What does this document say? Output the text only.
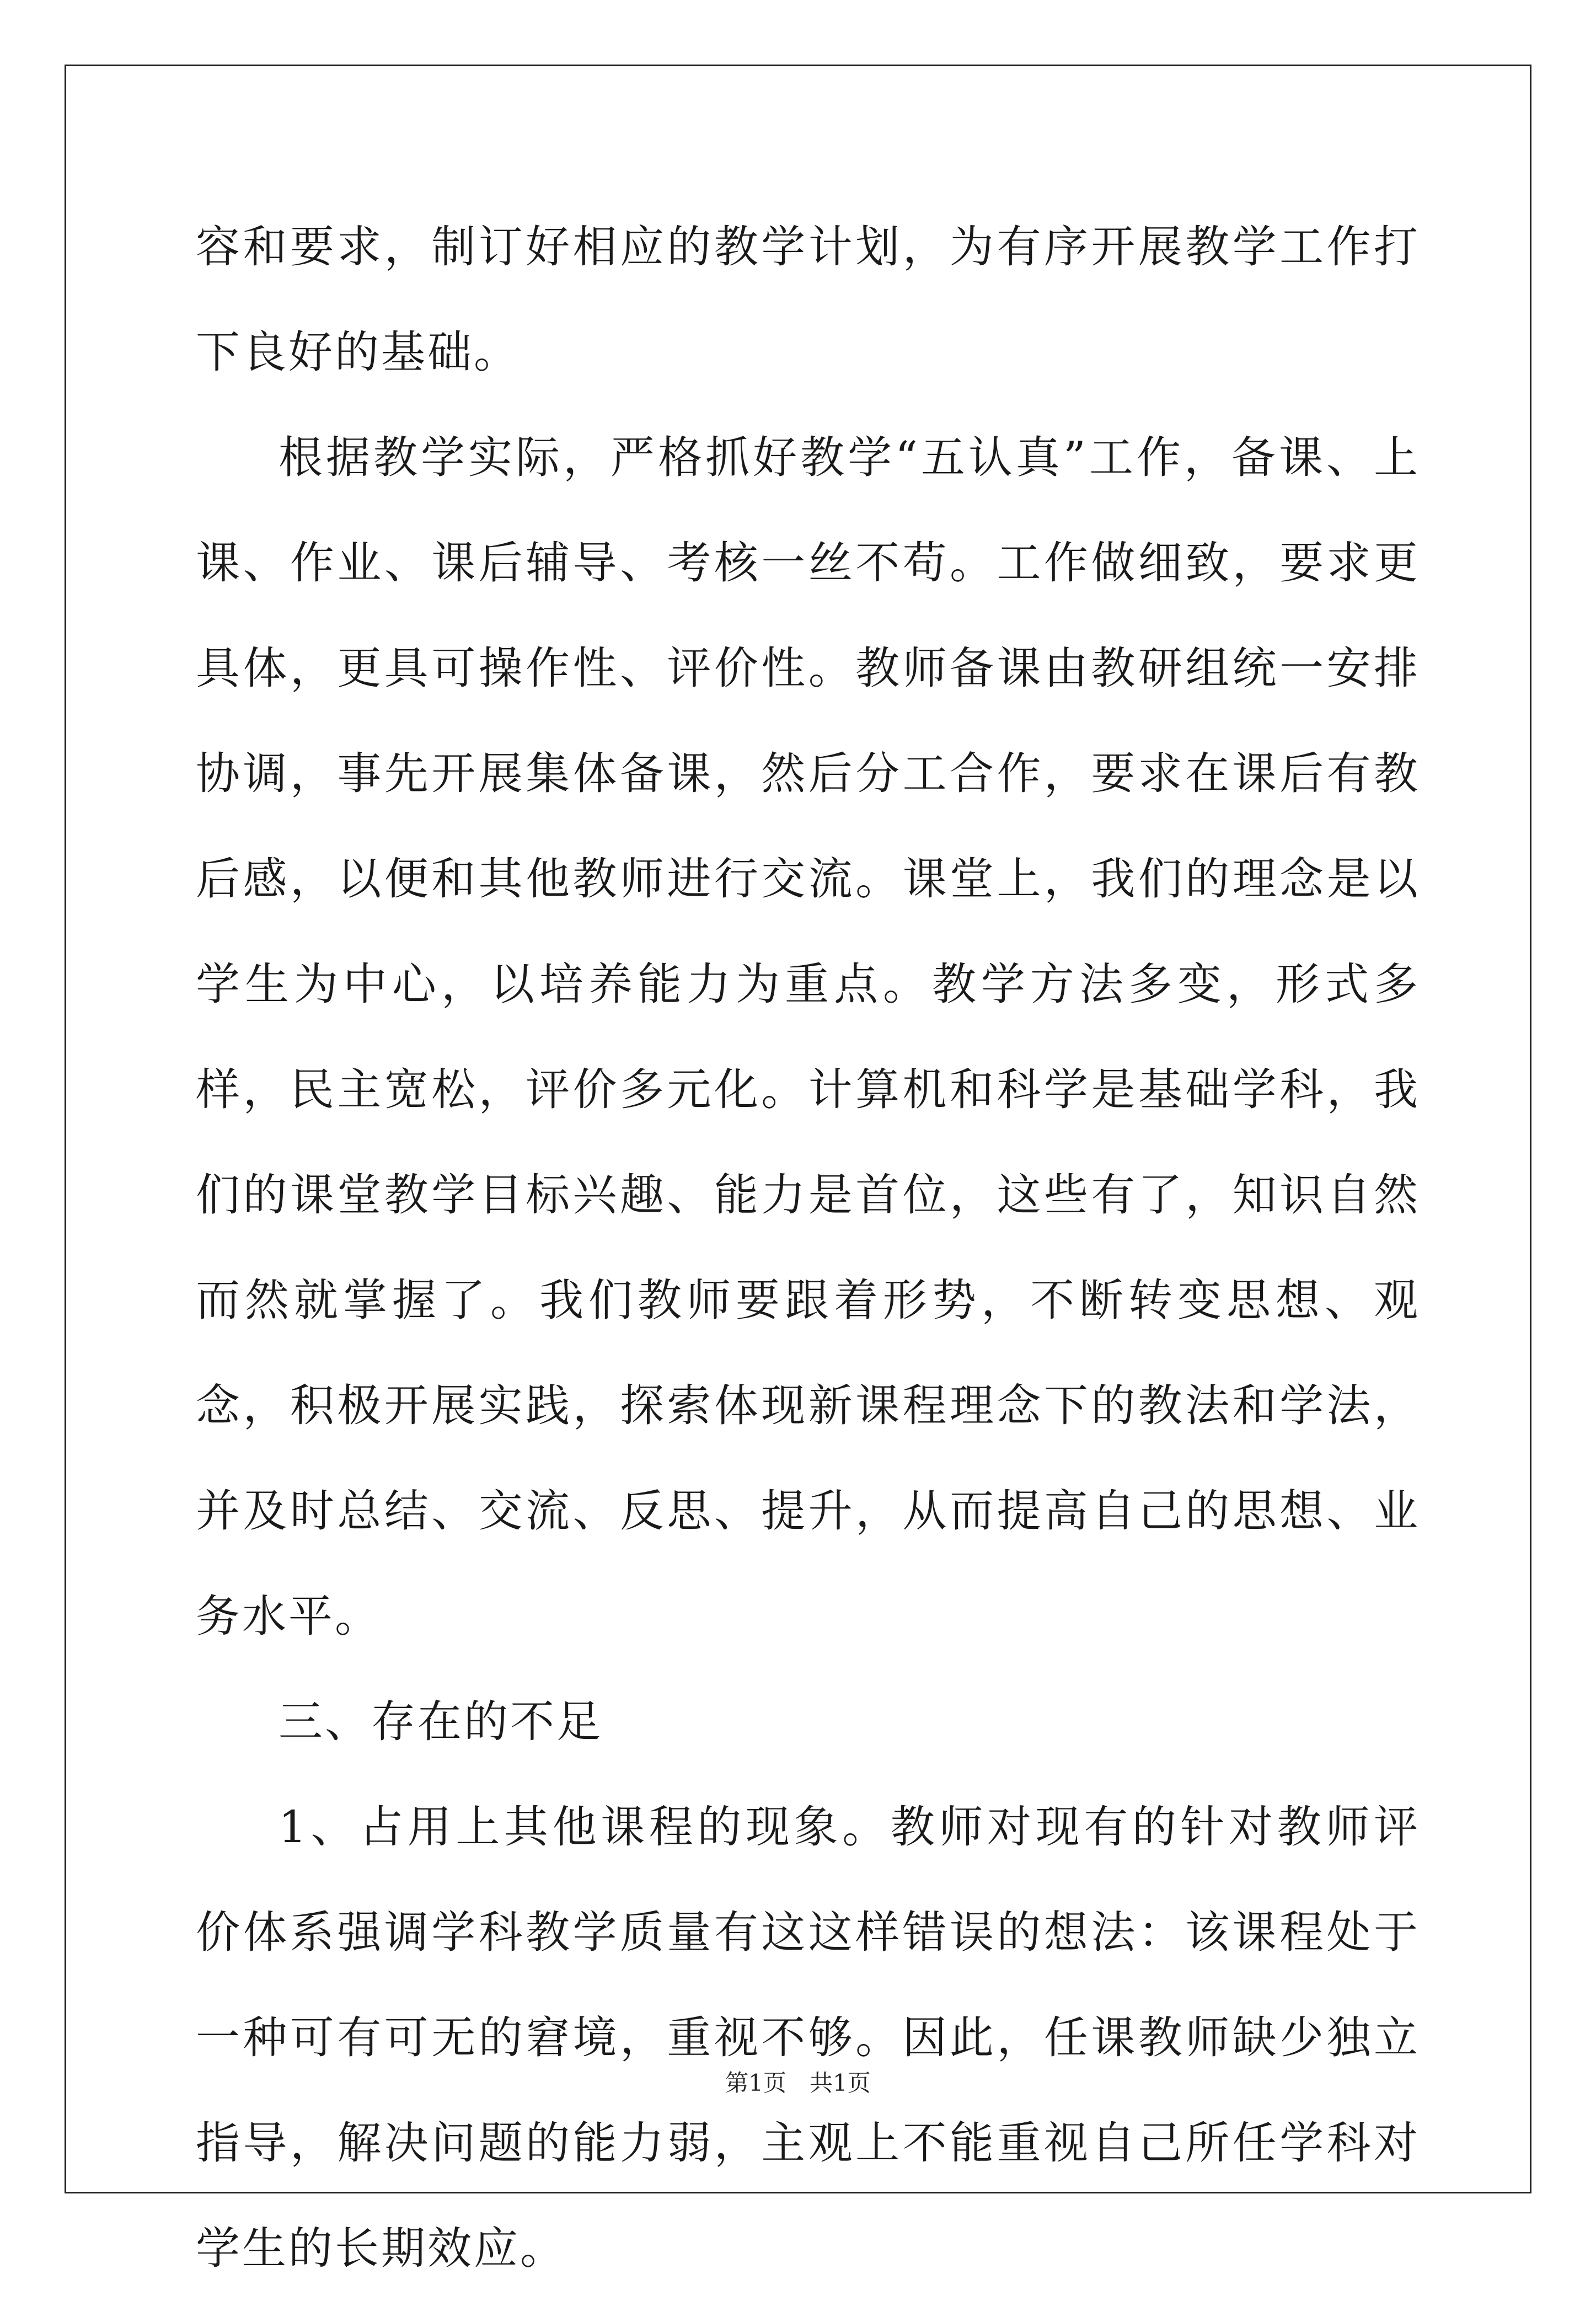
容和要求，制订好相应的教学计划，为有序开展教学工作打下良好的基础。

根据教学实际，严格抓好教学“五认真”工作，备课、上课、作业、课后辅导、考核一丝不苟。工作做细致，要求更具体，更具可操作性、评价性。教师备课由教研组统一安排协调，事先开展集体备课，然后分工合作，要求在课后有教后感，以便和其他教师进行交流。课堂上，我们的理念是以学生为中心，以培养能力为重点。教学方法多变，形式多样，民主宽松，评价多元化。计算机和科学是基础学科，我们的课堂教学目标兴趣、能力是首位，这些有了，知识自然而然就掌握了。我们教师要跟着形势，不断转变思想、观念，积极开展实践，探索体现新课程理念下的教法和学法，并及时总结、交流、反思、提升，从而提高自己的思想、业务水平。

三、存在的不足

1、占用上其他课程的现象。教师对现有的针对教师评价体系强调学科教学质量有这这样错误的想法：该课程处于一种可有可无的窘境，重视不够。因此，任课教师缺少独立指导，解决问题的能力弱，主观上不能重视自己所任学科对学生的长期效应。

第1页　共1页
